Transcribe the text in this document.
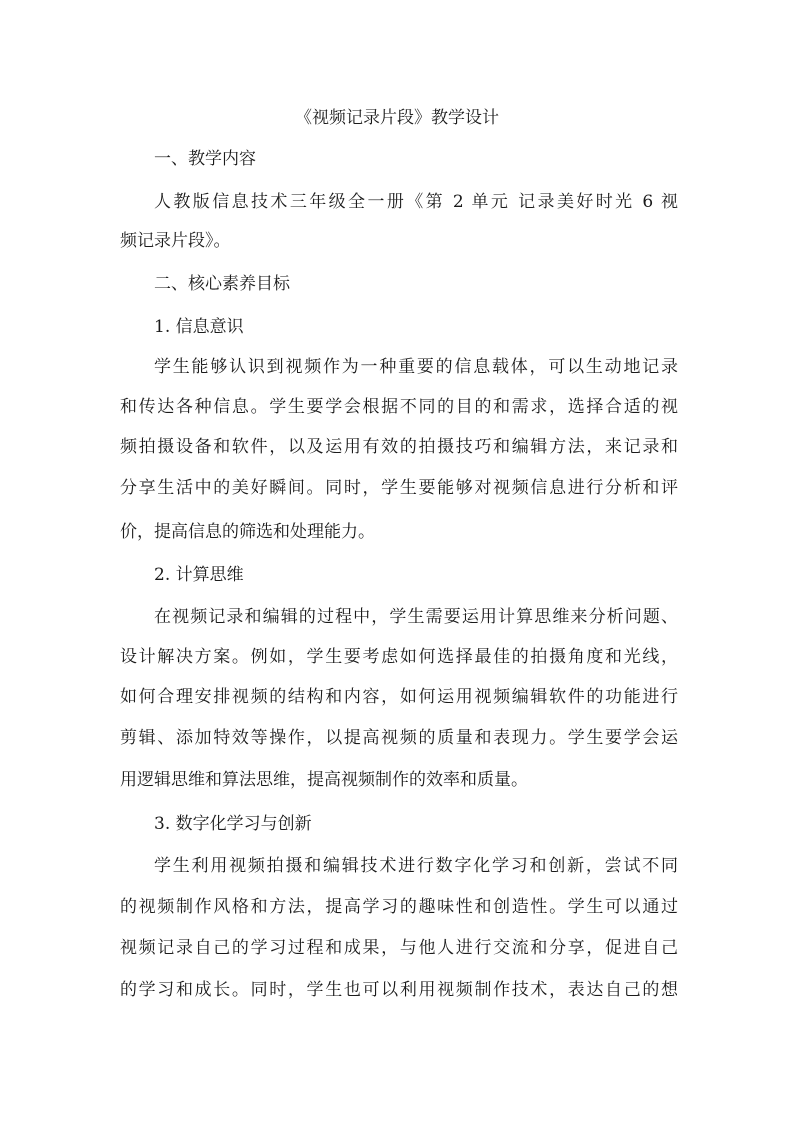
《视频记录片段》教学设计
一、教学内容
人教版信息技术三年级全一册《第 2 单元 记录美好时光 6 视
频记录片段》。
二、核心素养目标
1. 信息意识
学生能够认识到视频作为一种重要的信息载体，可以生动地记录
和传达各种信息。学生要学会根据不同的目的和需求，选择合适的视
频拍摄设备和软件，以及运用有效的拍摄技巧和编辑方法，来记录和
分享生活中的美好瞬间。同时，学生要能够对视频信息进行分析和评
价，提高信息的筛选和处理能力。
2. 计算思维
在视频记录和编辑的过程中，学生需要运用计算思维来分析问题、
设计解决方案。例如，学生要考虑如何选择最佳的拍摄角度和光线，
如何合理安排视频的结构和内容，如何运用视频编辑软件的功能进行
剪辑、添加特效等操作，以提高视频的质量和表现力。学生要学会运
用逻辑思维和算法思维，提高视频制作的效率和质量。
3. 数字化学习与创新
学生利用视频拍摄和编辑技术进行数字化学习和创新，尝试不同
的视频制作风格和方法，提高学习的趣味性和创造性。学生可以通过
视频记录自己的学习过程和成果，与他人进行交流和分享，促进自己
的学习和成长。同时，学生也可以利用视频制作技术，表达自己的想
